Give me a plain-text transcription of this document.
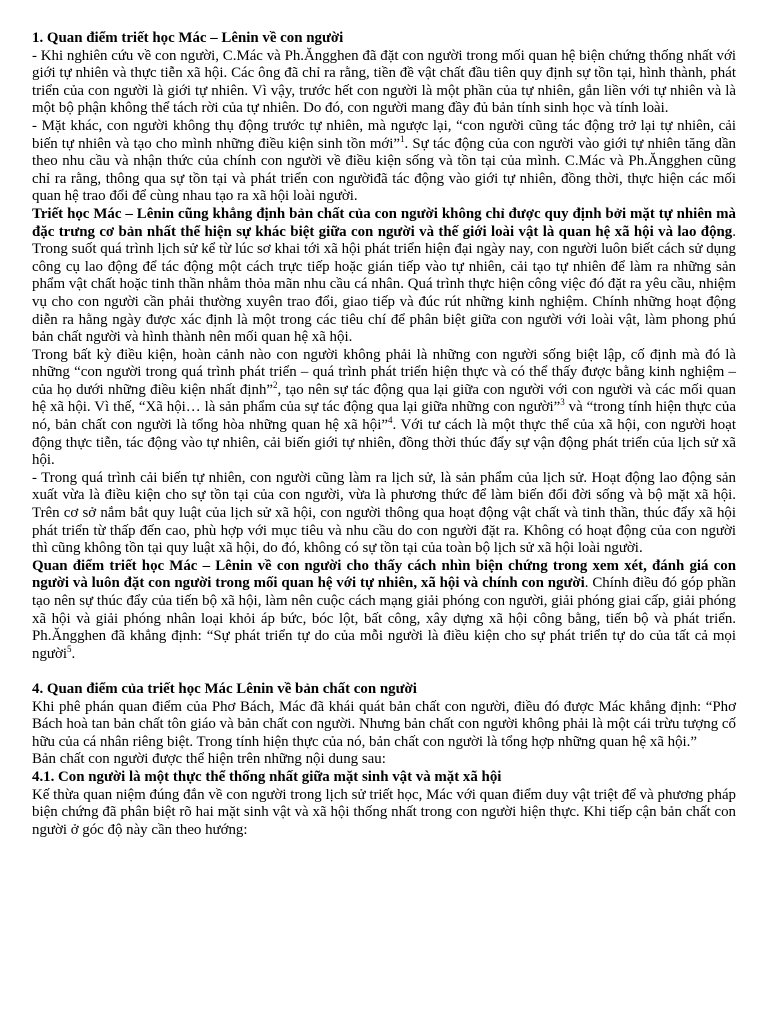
1. Quan điểm triết học Mác – Lênin về con người

- Khi nghiên cứu về con người, C.Mác và Ph.Ăngghen đã đặt con người trong mối quan hệ biện chứng thống nhất với giới tự nhiên và thực tiễn xã hội. Các ông đã chỉ ra rằng, tiền đề vật chất đầu tiên quy định sự tồn tại, hình thành, phát triển của con người là giới tự nhiên. Vì vậy, trước hết con người là một phần của tự nhiên, gắn liền với tự nhiên và là một bộ phận không thể tách rời của tự nhiên. Do đó, con người mang đầy đủ bản tính sinh học và tính loài.

- Mặt khác, con người không thụ động trước tự nhiên, mà ngược lại, “con người cũng tác động trở lại tự nhiên, cải biến tự nhiên và tạo cho mình những điều kiện sinh tồn mới”$^1$. Sự tác động của con người vào giới tự nhiên tăng dần theo nhu cầu và nhận thức của chính con người về điều kiện sống và tồn tại của mình. C.Mác và Ph.Ăngghen cũng chỉ ra rằng, thông qua sự tồn tại và phát triển con ngườiđã tác động vào giới tự nhiên, đồng thời, thực hiện các mối quan hệ trao đổi để cùng nhau tạo ra xã hội loài người.

Triết học Mác – Lênin cũng khẳng định bản chất của con người không chỉ được quy định bởi mặt tự nhiên mà đặc trưng cơ bản nhất thể hiện sự khác biệt giữa con người và thế giới loài vật là quan hệ xã hội và lao động. Trong suốt quá trình lịch sử kể từ lúc sơ khai tới xã hội phát triển hiện đại ngày nay, con người luôn biết cách sử dụng công cụ lao động để tác động một cách trực tiếp hoặc gián tiếp vào tự nhiên, cải tạo tự nhiên để làm ra những sản phẩm vật chất hoặc tinh thần nhằm thỏa mãn nhu cầu cá nhân. Quá trình thực hiện công việc đó đặt ra yêu cầu, nhiệm vụ cho con người cần phải thường xuyên trao đổi, giao tiếp và đúc rút những kinh nghiệm. Chính những hoạt động diễn ra hằng ngày được xác định là một trong các tiêu chí để phân biệt giữa con người với loài vật, làm phong phú bản chất người và hình thành nên mối quan hệ xã hội.

Trong bất kỳ điều kiện, hoàn cảnh nào con người không phải là những con người sống biệt lập, cố định mà đó là những “con người trong quá trình phát triển – quá trình phát triển hiện thực và có thể thấy được bằng kinh nghiệm – của họ dưới những điều kiện nhất định”$^2$, tạo nên sự tác động qua lại giữa con người với con người và các mối quan hệ xã hội. Vì thế, “Xã hội… là sản phẩm của sự tác động qua lại giữa những con người”$^3$ và “trong tính hiện thực của nó, bản chất con người là tổng hòa những quan hệ xã hội”$^4$. Với tư cách là một thực thể của xã hội, con người hoạt động thực tiễn, tác động vào tự nhiên, cải biến giới tự nhiên, đồng thời thúc đẩy sự vận động phát triển của lịch sử xã hội.

- Trong quá trình cải biến tự nhiên, con người cũng làm ra lịch sử, là sản phẩm của lịch sử. Hoạt động lao động sản xuất vừa là điều kiện cho sự tồn tại của con người, vừa là phương thức để làm biến đổi đời sống và bộ mặt xã hội. Trên cơ sở nắm bắt quy luật của lịch sử xã hội, con người thông qua hoạt động vật chất và tinh thần, thúc đẩy xã hội phát triển từ thấp đến cao, phù hợp với mục tiêu và nhu cầu do con người đặt ra. Không có hoạt động của con người thì cũng không tồn tại quy luật xã hội, do đó, không có sự tồn tại của toàn bộ lịch sử xã hội loài người.

Quan điểm triết học Mác – Lênin về con người cho thấy cách nhìn biện chứng trong xem xét, đánh giá con người và luôn đặt con người trong mối quan hệ với tự nhiên, xã hội và chính con người. Chính điều đó góp phần tạo nên sự thúc đẩy của tiến bộ xã hội, làm nên cuộc cách mạng giải phóng con người, giải phóng giai cấp, giải phóng xã hội và giải phóng nhân loại khỏi áp bức, bóc lột, bất công, xây dựng xã hội công bằng, tiến bộ và phát triển. Ph.Ăngghen đã khẳng định: “Sự phát triển tự do của mỗi người là điều kiện cho sự phát triển tự do của tất cả mọi người$^5$.

4. Quan điểm của triết học Mác Lênin về bản chất con người

Khi phê phán quan điểm của Phơ Bách, Mác đã khái quát bản chất con người, điều đó được Mác khẳng định: “Phơ Bách hoà tan bản chất tôn giáo và bản chất con người. Nhưng bản chất con người không phải là một cái trừu tượng cố hữu của cá nhân riêng biệt. Trong tính hiện thực của nó, bản chất con người là tổng hợp những quan hệ xã hội.”

Bản chất con người được thể hiện trên những nội dung sau:

4.1. Con người là một thực thể thống nhất giữa mặt sinh vật và mặt xã hội

Kế thừa quan niệm đúng đắn về con người trong lịch sử triết học, Mác với quan điểm duy vật triệt để và phương pháp biện chứng đã phân biệt rõ hai mặt sinh vật và xã hội thống nhất trong con người hiện thực. Khi tiếp cận bản chất con người ở góc độ này cần theo hướng:
